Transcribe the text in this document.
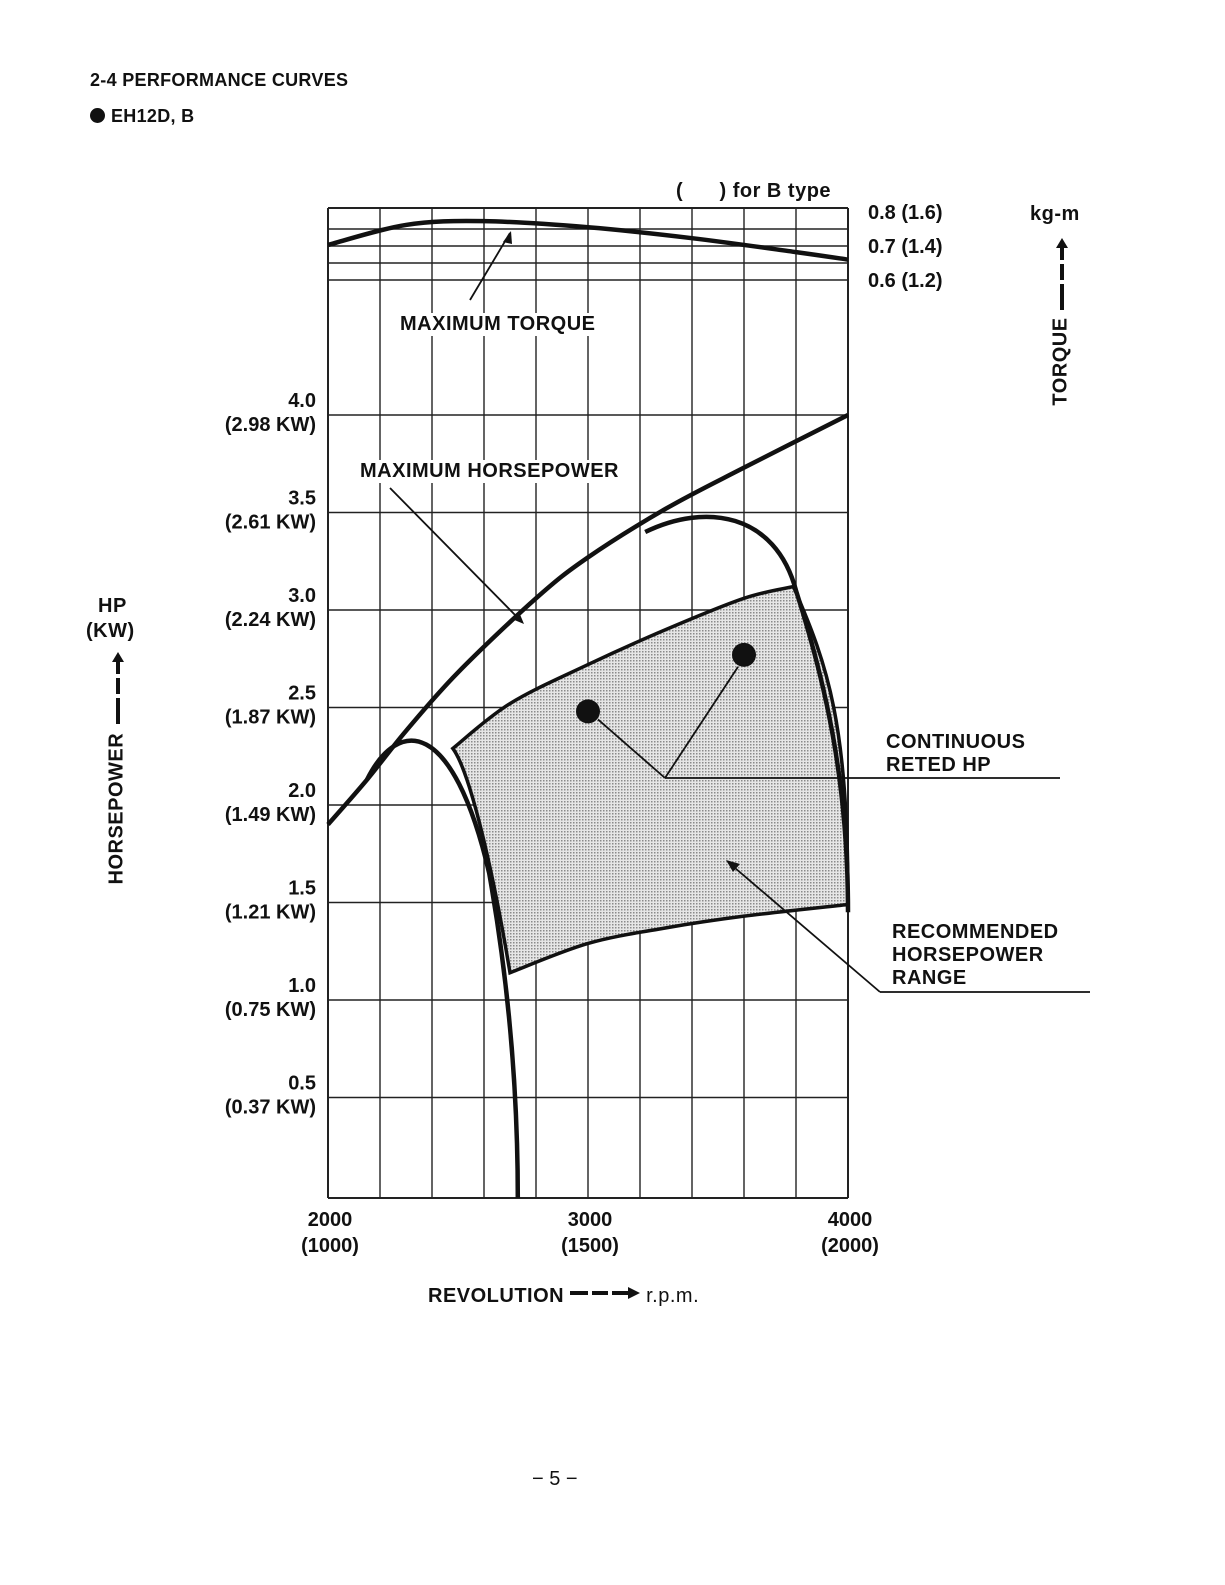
2-4 PERFORMANCE CURVES
EH12D, B
(      ) for B type
kg-m
TORQUE
HP
(KW)
HORSEPOWER
4.0
(2.98 KW)
3.5
(2.61 KW)
3.0
(2.24 KW)
2.5
(1.87 KW)
2.0
(1.49 KW)
1.5
(1.21 KW)
1.0
(0.75 KW)
0.5
(0.37 KW)
0.8 (1.6)
0.7 (1.4)
0.6 (1.2)
2000
(1000)
3000
(1500)
4000
(2000)
MAXIMUM TORQUE
MAXIMUM HORSEPOWER
CONTINUOUS
RETED HP
RECOMMENDED
HORSEPOWER
RANGE
REVOLUTION	r.p.m.
− 5 −
